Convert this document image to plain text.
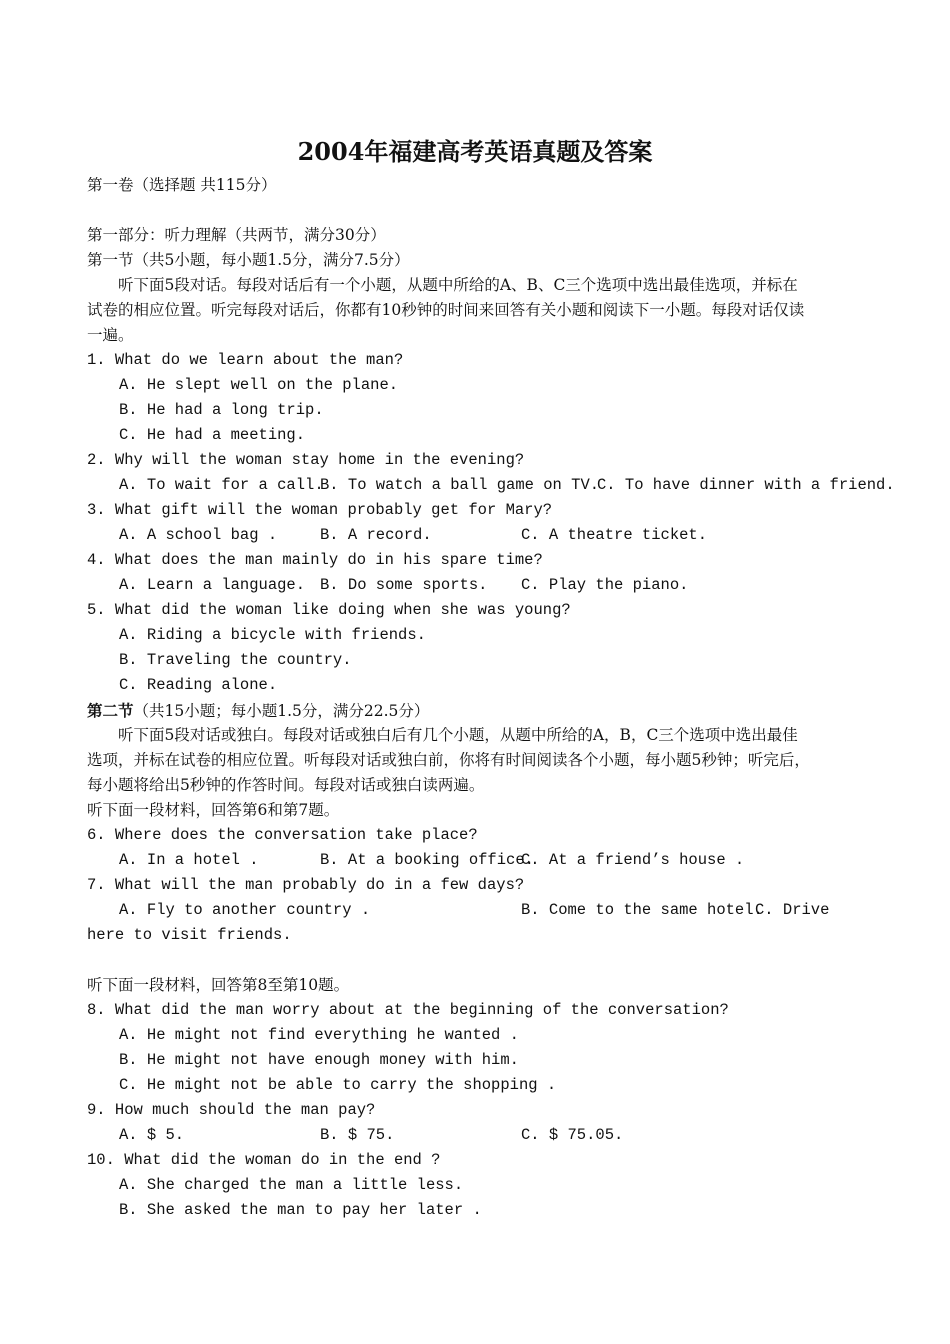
2004年福建高考英语真题及答案
第一卷（选择题 共115分）
第一部分：听力理解（共两节，满分30分）
第一节（共5小题，每小题1.5分，满分7.5分）
　　听下面5段对话。每段对话后有一个小题，从题中所给的A、B、C三个选项中选出最佳选项，并标在
试卷的相应位置。听完每段对话后，你都有10秒钟的时间来回答有关小题和阅读下一小题。每段对话仅读
一遍。
1. What do we learn about the man?
A. He slept well on the plane.
B. He had a long trip.
C. He had a meeting.
2. Why will the woman stay home in the evening?
A. To wait for a call.
B. To watch a ball game on TV.
C. To have dinner with a friend.
3. What gift will the woman probably get for Mary?
A. A school bag .	B. A record.	C. A theatre ticket.
4. What does the man mainly do in his spare time?
A. Learn a language. B. Do some sports. C. Play the piano.
5. What did the woman like doing when she was young?
A. Riding a bicycle with friends.
B. Traveling the country.
C. Reading alone.
第二节（共15小题；每小题1.5分，满分22.5分）
　　听下面5段对话或独白。每段对话或独白后有几个小题，从题中所给的A，B，C三个选项中选出最佳
选项，并标在试卷的相应位置。听每段对话或独白前，你将有时间阅读各个小题，每小题5秒钟；听完后，
每小题将给出5秒钟的作答时间。每段对话或独白读两遍。
听下面一段材料，回答第6和第7题。
6. Where does the conversation take place?
A. In a hotel .	B. At a booking office.
C. At a friend’s house .
7. What will the man probably do in a few days?
A. Fly to another country .	B. Come to the same hotel.
C. Drive
here to visit friends.
听下面一段材料，回答第8至第10题。
8. What did the man worry about at the beginning of the conversation?
A. He might not find everything he wanted .
B. He might not have enough money with him.
C. He might not be able to carry the shopping .
9. How much should the man pay?
A. $ 5.	B. $ 75.	C. $ 75.05.
10. What did the woman do in the end ?
A. She charged the man a little less.
B. She asked the man to pay her later .
